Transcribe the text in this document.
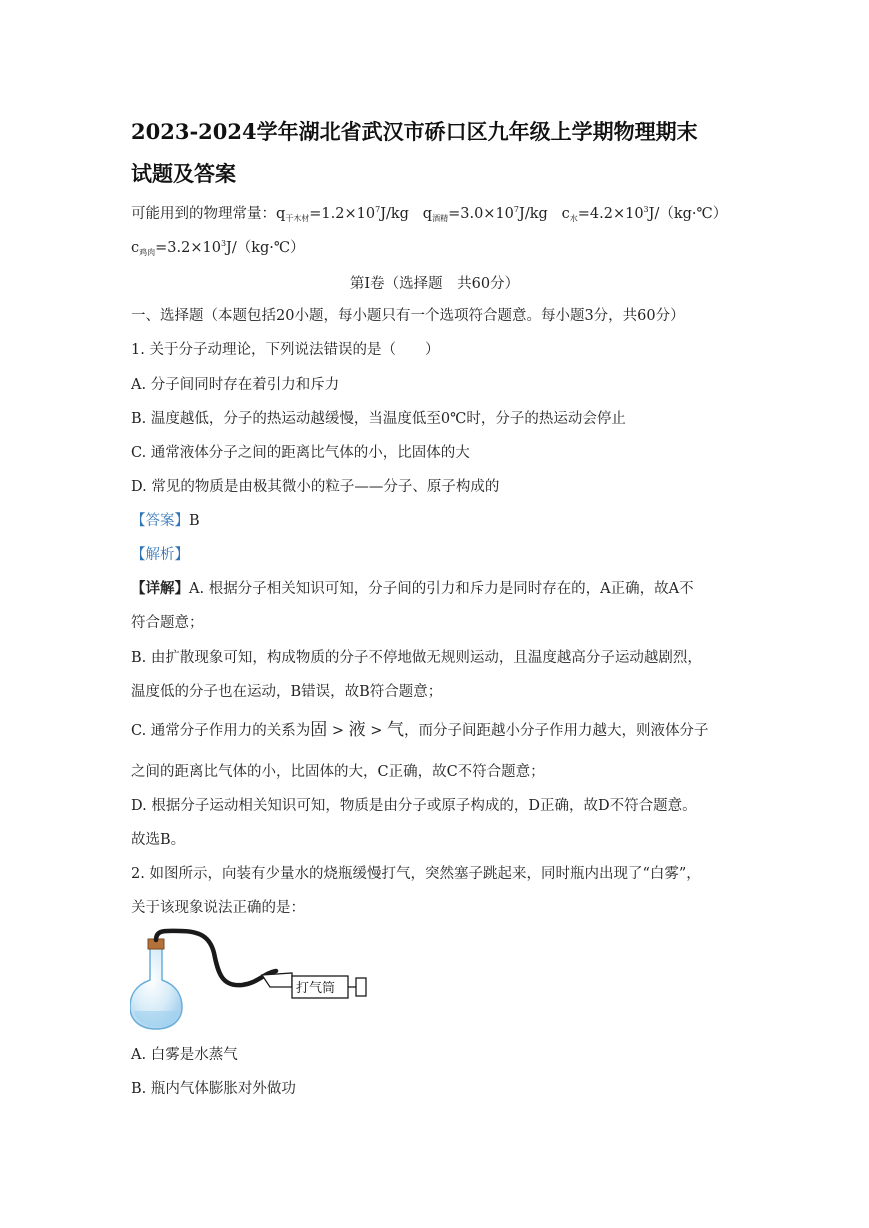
2023-2024学年湖北省武汉市硚口区九年级上学期物理期末
试题及答案
可能用到的物理常量：$q_{干木材}=1.2\times 10^7J/kg$ $q_{酒精}=3.0\times 10^7J/kg$ $c_水=4.2\times 10^3J/(kg\cdot℃)$
$c_{鸡肉}=3.2\times 10^3J/(kg\cdot℃)$
第Ⅰ卷（选择题　共60分）
一、选择题（本题包括20小题，每小题只有一个选项符合题意。每小题3分，共60分）
1. 关于分子动理论，下列说法错误的是（　　）
A. 分子间同时存在着引力和斥力
B. 温度越低，分子的热运动越缓慢，当温度低至0℃时，分子的热运动会停止
C. 通常液体分子之间的距离比气体的小，比固体的大
D. 常见的物质是由极其微小的粒子——分子、原子构成的
【答案】B
【解析】
【详解】A. 根据分子相关知识可知，分子间的引力和斥力是同时存在的，A正确，故A不
符合题意；
B. 由扩散现象可知，构成物质的分子不停地做无规则运动，且温度越高分子运动越剧烈，
温度低的分子也在运动，B错误，故B符合题意；
C. 通常分子作用力的关系为固 > 液 > 气，而分子间距越小分子作用力越大，则液体分子
之间的距离比气体的小，比固体的大，C正确，故C不符合题意；
D. 根据分子运动相关知识可知，物质是由分子或原子构成的，D正确，故D不符合题意。
故选B。
2. 如图所示，向装有少量水的烧瓶缓慢打气，突然塞子跳起来，同时瓶内出现了“白雾”，
关于该现象说法正确的是：
打气筒
A. 白雾是水蒸气
B. 瓶内气体膨胀对外做功
